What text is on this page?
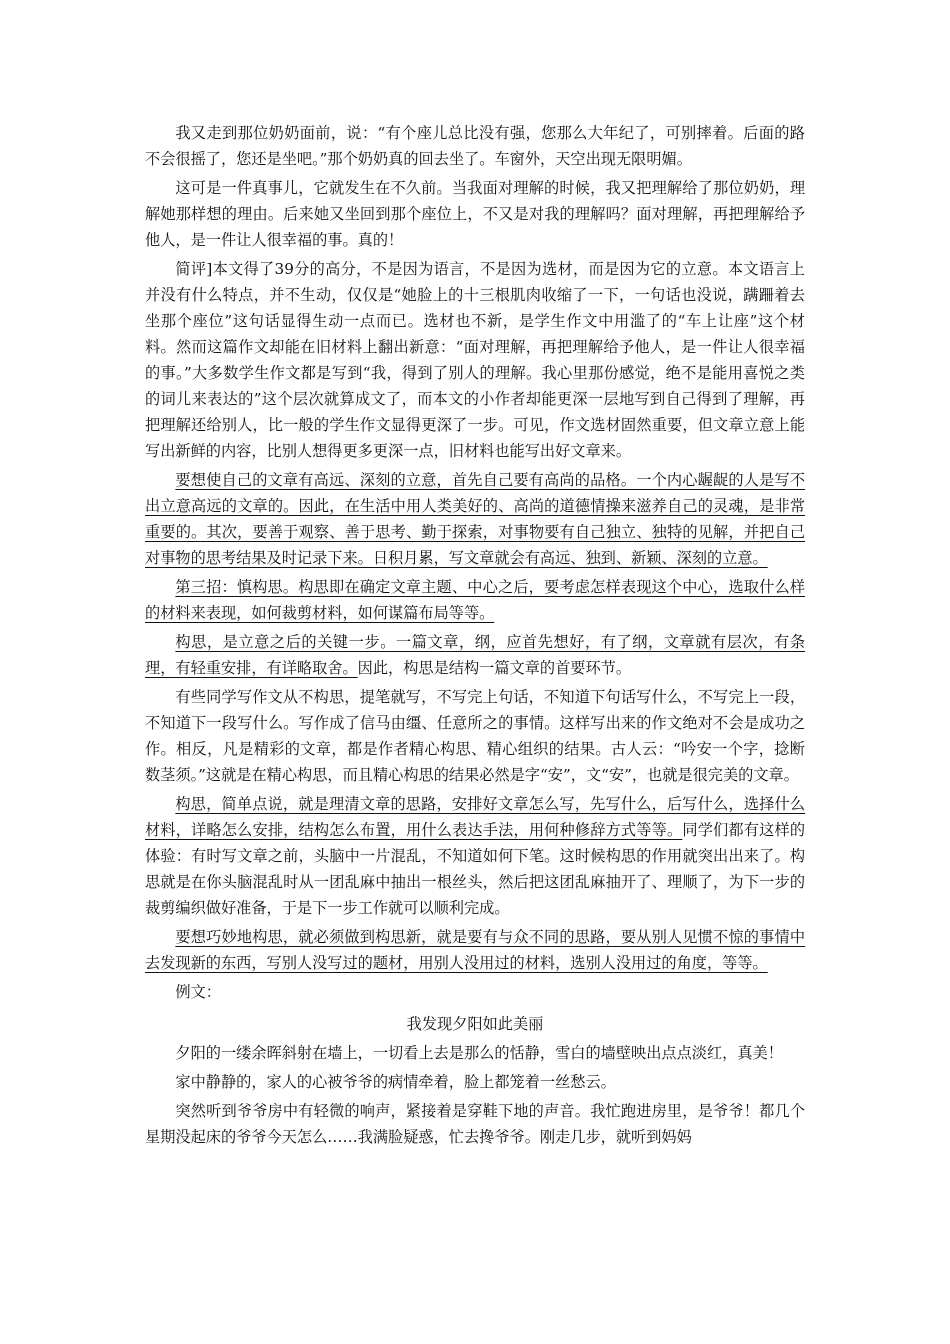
我又走到那位奶奶面前，说：“有个座儿总比没有强，您那么大年纪了，可别摔着。后面的路不会很摇了，您还是坐吧。”那个奶奶真的回去坐了。车窗外，天空出现无限明媚。

这可是一件真事儿，它就发生在不久前。当我面对理解的时候，我又把理解给了那位奶奶，理解她那样想的理由。后来她又坐回到那个座位上，不又是对我的理解吗？面对理解，再把理解给予他人，是一件让人很幸福的事。真的！

简评]本文得了39分的高分，不是因为语言，不是因为选材，而是因为它的立意。本文语言上并没有什么特点，并不生动，仅仅是“她脸上的十三根肌肉收缩了一下，一句话也没说，蹒跚着去坐那个座位”这句话显得生动一点而已。选材也不新，是学生作文中用滥了的“车上让座”这个材料。然而这篇作文却能在旧材料上翻出新意：“面对理解，再把理解给予他人，是一件让人很幸福的事。”大多数学生作文都是写到“我，得到了别人的理解。我心里那份感觉，绝不是能用喜悦之类的词儿来表达的”这个层次就算成文了，而本文的小作者却能更深一层地写到自己得到了理解，再把理解还给别人，比一般的学生作文显得更深了一步。可见，作文选材固然重要，但文章立意上能写出新鲜的内容，比别人想得更多更深一点，旧材料也能写出好文章来。

要想使自己的文章有高远、深刻的立意，首先自己要有高尚的品格。一个内心龌龊的人是写不出立意高远的文章的。因此，在生活中用人类美好的、高尚的道德情操来滋养自己的灵魂，是非常重要的。其次，要善于观察、善于思考、勤于探索，对事物要有自己独立、独特的见解，并把自己对事物的思考结果及时记录下来。日积月累，写文章就会有高远、独到、新颖、深刻的立意。

第三招：慎构思。构思即在确定文章主题、中心之后，要考虑怎样表现这个中心，选取什么样的材料来表现，如何裁剪材料，如何谋篇布局等等。

构思，是立意之后的关键一步。一篇文章，纲，应首先想好，有了纲，文章就有层次，有条理，有轻重安排，有详略取舍。因此，构思是结构一篇文章的首要环节。

有些同学写作文从不构思，提笔就写，不写完上句话，不知道下句话写什么，不写完上一段，不知道下一段写什么。写作成了信马由缰、任意所之的事情。这样写出来的作文绝对不会是成功之作。相反，凡是精彩的文章，都是作者精心构思、精心组织的结果。古人云：“吟安一个字，捻断数茎须。”这就是在精心构思，而且精心构思的结果必然是字“安”，文“安”，也就是很完美的文章。

构思，简单点说，就是理清文章的思路，安排好文章怎么写，先写什么，后写什么，选择什么材料，详略怎么安排，结构怎么布置，用什么表达手法，用何种修辞方式等等。同学们都有这样的体验：有时写文章之前，头脑中一片混乱，不知道如何下笔。这时候构思的作用就突出出来了。构思就是在你头脑混乱时从一团乱麻中抽出一根丝头，然后把这团乱麻抽开了、理顺了，为下一步的裁剪编织做好准备，于是下一步工作就可以顺利完成。

要想巧妙地构思，就必须做到构思新，就是要有与众不同的思路，要从别人见惯不惊的事情中去发现新的东西，写别人没写过的题材，用别人没用过的材料，选别人没用过的角度，等等。

例文：

我发现夕阳如此美丽

夕阳的一缕余晖斜射在墙上，一切看上去是那么的恬静，雪白的墙壁映出点点淡红，真美！

家中静静的，家人的心被爷爷的病情牵着，脸上都笼着一丝愁云。

突然听到爷爷房中有轻微的响声，紧接着是穿鞋下地的声音。我忙跑进房里，是爷爷！都几个星期没起床的爷爷今天怎么……我满脸疑惑，忙去搀爷爷。刚走几步，就听到妈妈
